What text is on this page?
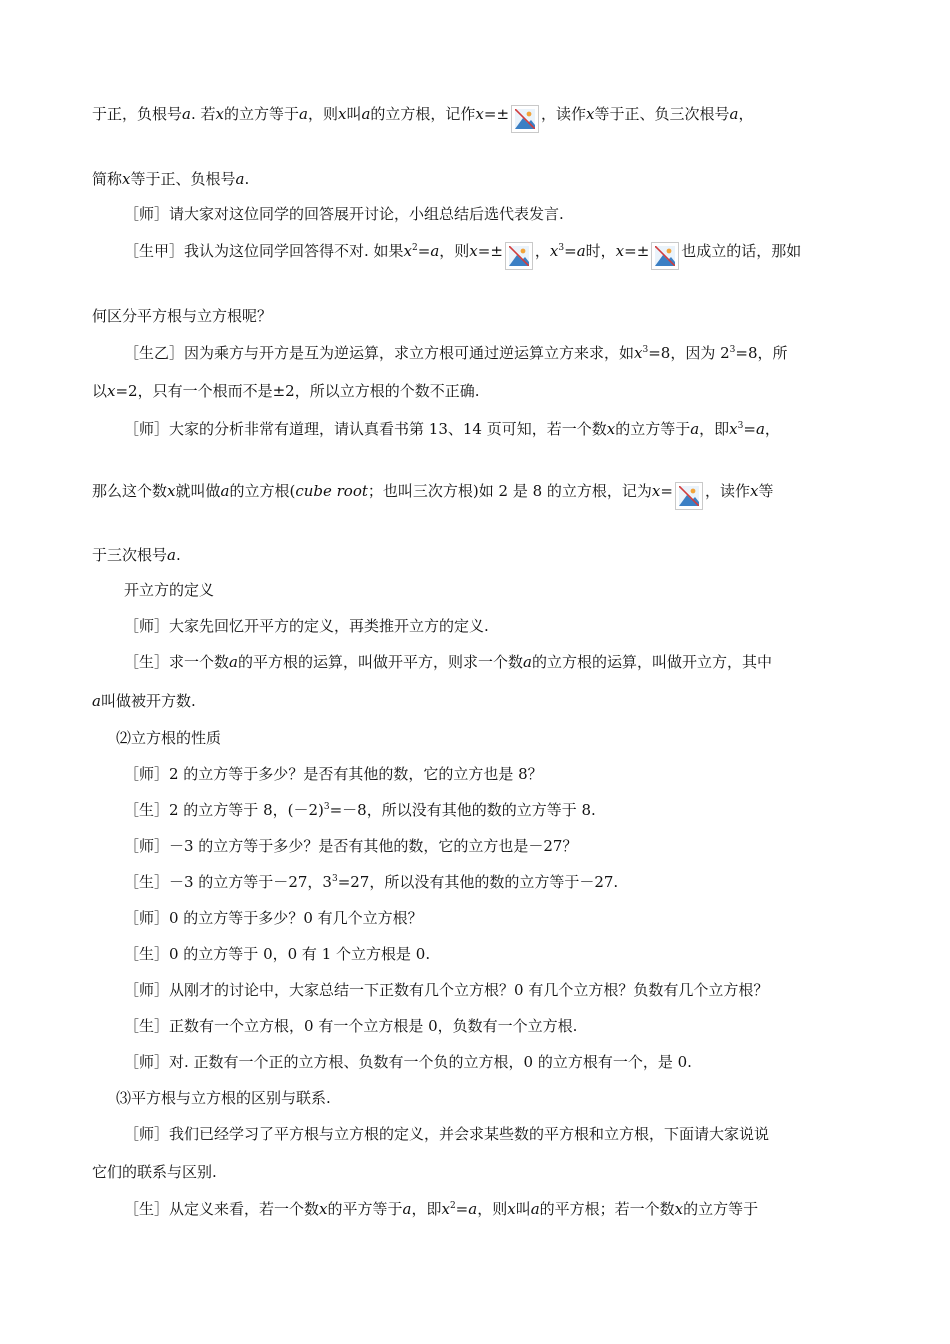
于正，负根号a. 若x的立方等于a，则x叫a的立方根，记作x=± ，读作x等于正、负三次根号a，
简称x等于正、负根号a.
［师］请大家对这位同学的回答展开讨论，小组总结后选代表发言.
［生甲］我认为这位同学回答得不对. 如果$x^2=a$，则x=± ，$x^3=a$时，x=± 也成立的话，那如
何区分平方根与立方根呢？
［生乙］因为乘方与开方是互为逆运算，求立方根可通过逆运算立方来求，如$x^3=8$，因为 $2^3=8$，所
以x=2，只有一个根而不是±2，所以立方根的个数不正确.
［师］大家的分析非常有道理，请认真看书第 13、14 页可知，若一个数x的立方等于a，即$x^3=a$，
那么这个数x就叫做a的立方根(cube root；也叫三次方根)如 2 是 8 的立方根，记为x= ，读作x等
于三次根号a.
开立方的定义
［师］大家先回忆开平方的定义，再类推开立方的定义.
［生］求一个数a的平方根的运算，叫做开平方，则求一个数a的立方根的运算，叫做开立方，其中
a叫做被开方数.
⑵立方根的性质
［师］2 的立方等于多少？是否有其他的数，它的立方也是 8？
［生］2 的立方等于 8，$(-2)^3=-8$，所以没有其他的数的立方等于 8.
［师］－3 的立方等于多少？是否有其他的数，它的立方也是－27？
［生］－3 的立方等于－27，$3^3=27$，所以没有其他的数的立方等于－27.
［师］0 的立方等于多少？0 有几个立方根？
［生］0 的立方等于 0，0 有 1 个立方根是 0.
［师］从刚才的讨论中，大家总结一下正数有几个立方根？0 有几个立方根？负数有几个立方根？
［生］正数有一个立方根，0 有一个立方根是 0，负数有一个立方根.
［师］对. 正数有一个正的立方根、负数有一个负的立方根，0 的立方根有一个，是 0.
⑶平方根与立方根的区别与联系.
［师］我们已经学习了平方根与立方根的定义，并会求某些数的平方根和立方根，下面请大家说说
它们的联系与区别.
［生］从定义来看，若一个数x的平方等于a，即$x^2=a$，则x叫a的平方根；若一个数x的立方等于
